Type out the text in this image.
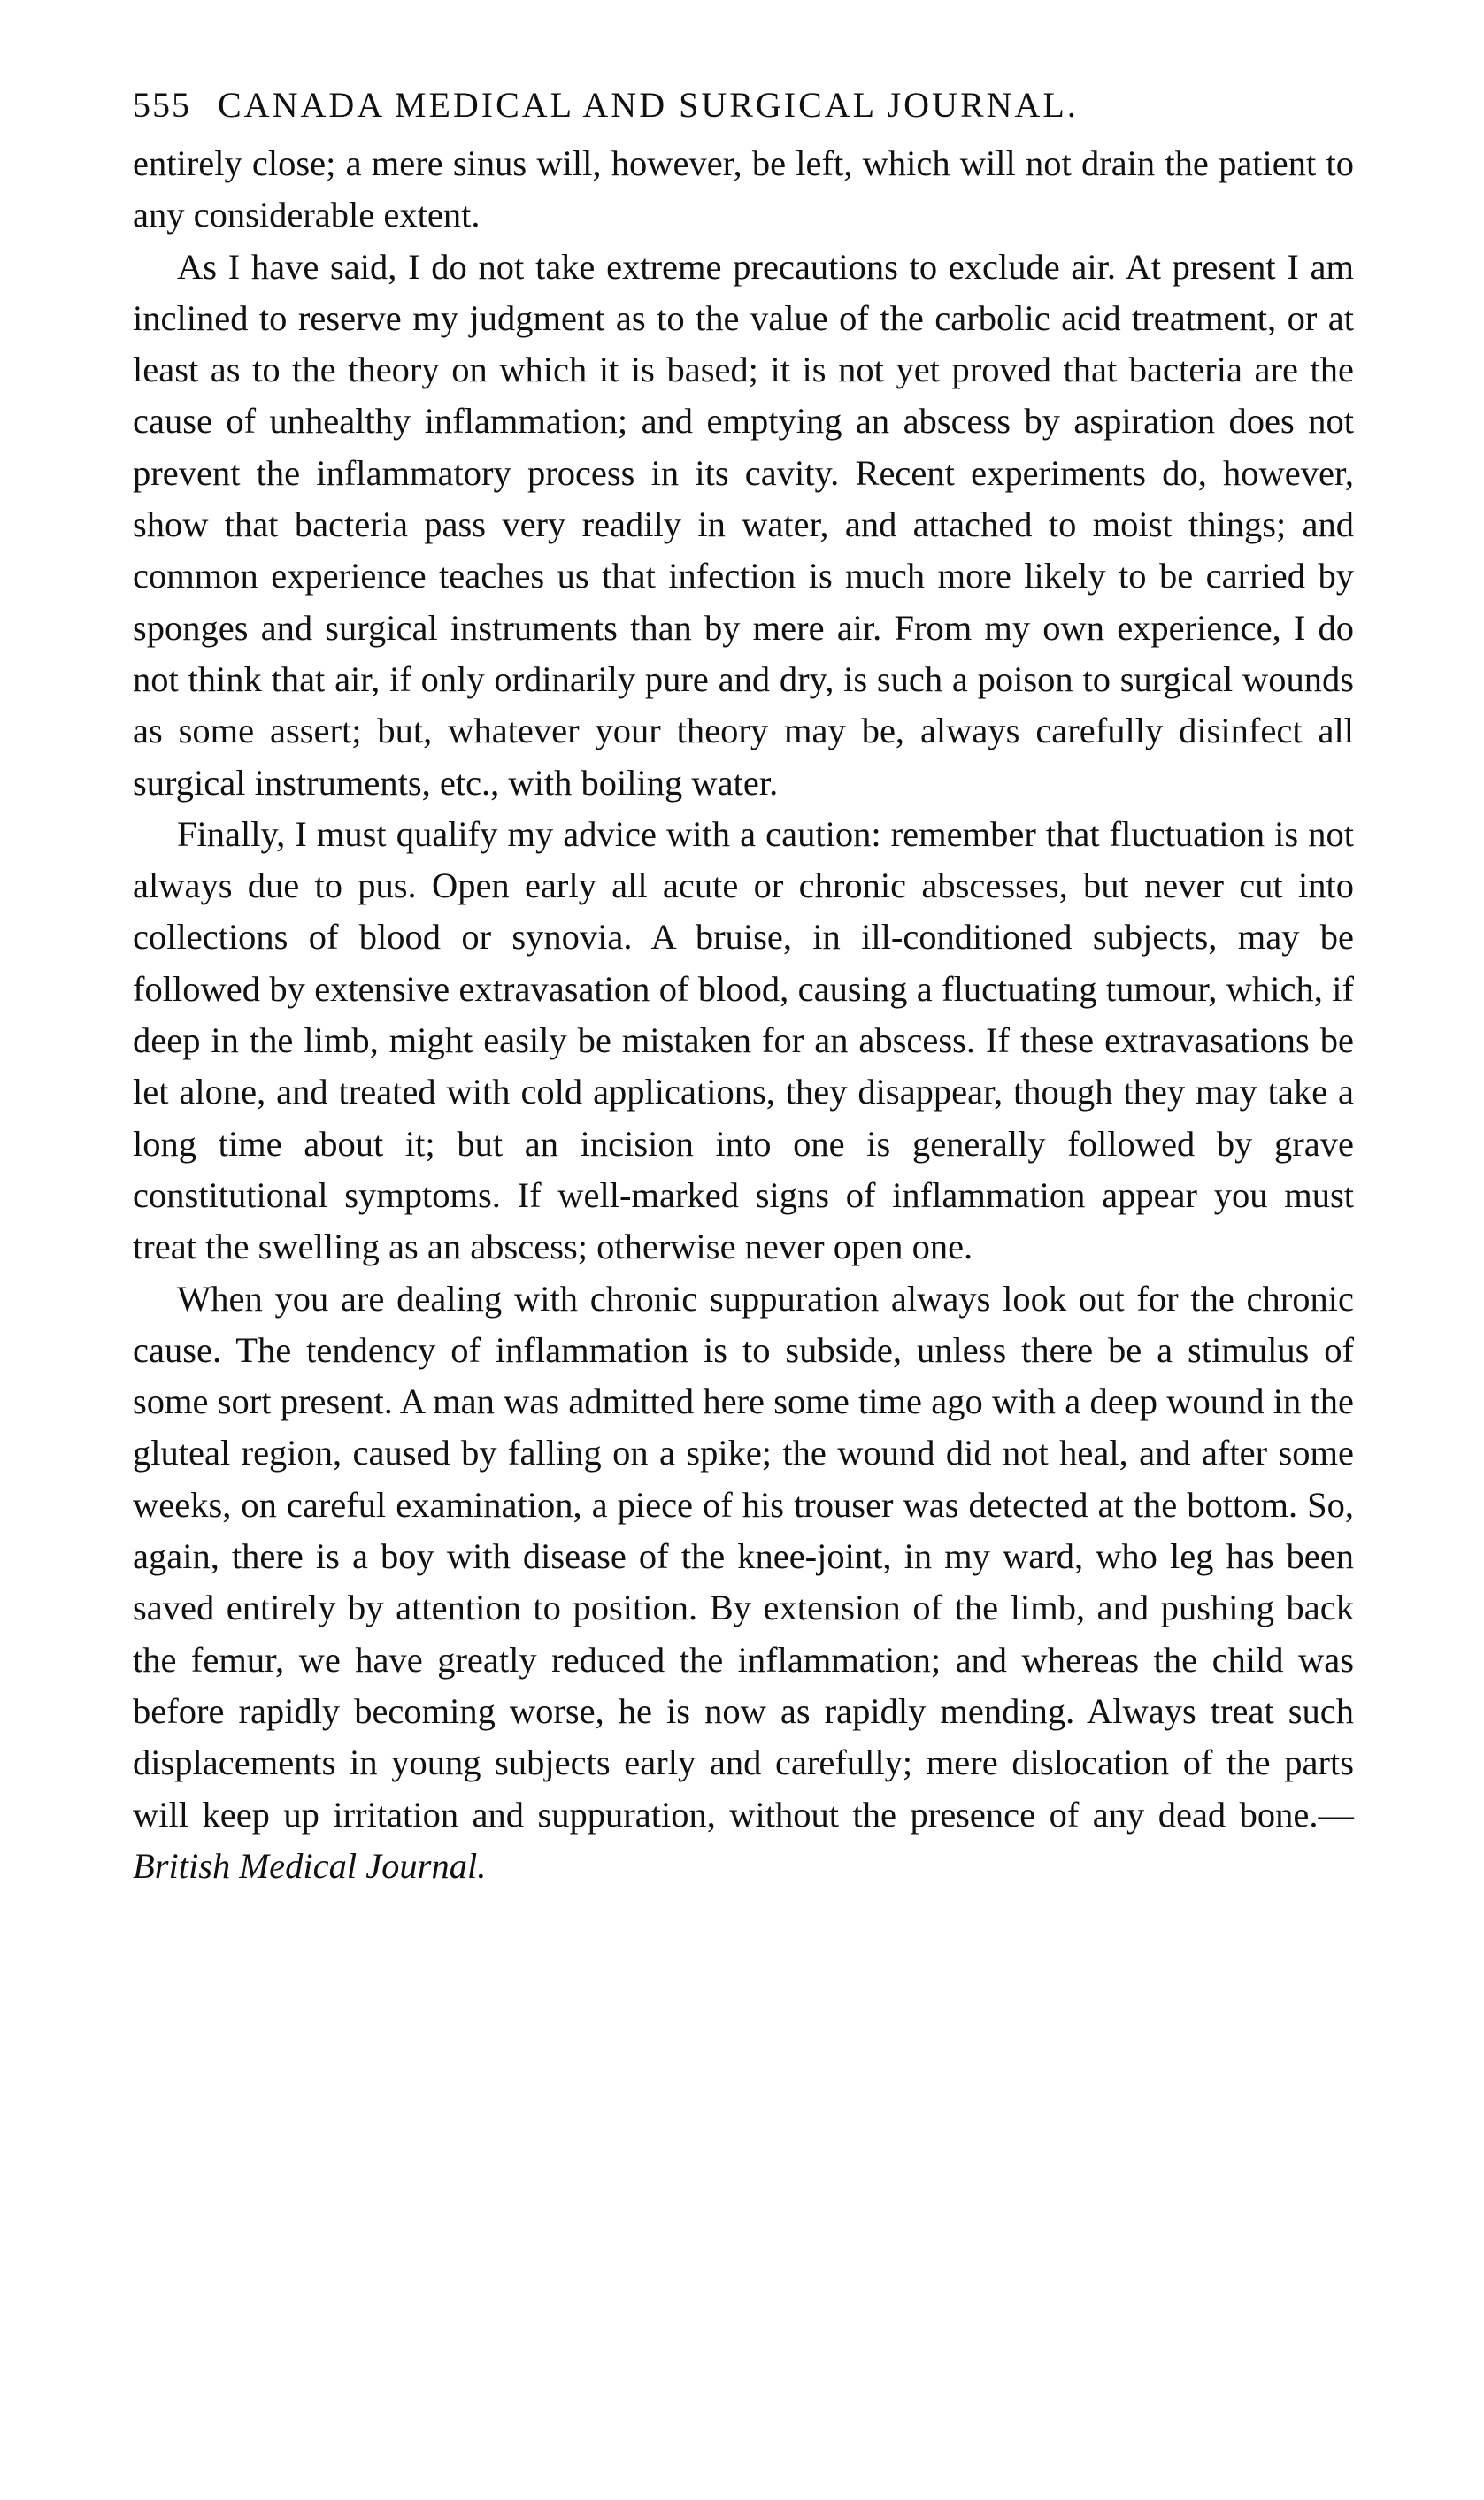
555 CANADA MEDICAL AND SURGICAL JOURNAL.

entirely close; a mere sinus will, however, be left, which will not drain the patient to any considerable extent.

As I have said, I do not take extreme precautions to exclude air. At present I am inclined to reserve my judgment as to the value of the carbolic acid treatment, or at least as to the theory on which it is based; it is not yet proved that bacteria are the cause of unhealthy inflammation; and emptying an abscess by aspiration does not prevent the inflammatory process in its cavity. Recent experiments do, however, show that bacteria pass very readily in water, and attached to moist things; and common experience teaches us that infection is much more likely to be carried by sponges and surgical instruments than by mere air. From my own experience, I do not think that air, if only ordinarily pure and dry, is such a poison to surgical wounds as some assert; but, whatever your theory may be, always carefully disinfect all surgical instruments, etc., with boiling water.

Finally, I must qualify my advice with a caution: remember that fluctuation is not always due to pus. Open early all acute or chronic abscesses, but never cut into collections of blood or synovia. A bruise, in ill-conditioned subjects, may be followed by extensive extravasation of blood, causing a fluctuating tumour, which, if deep in the limb, might easily be mistaken for an abscess. If these extravasations be let alone, and treated with cold applications, they disappear, though they may take a long time about it; but an incision into one is generally followed by grave constitutional symptoms. If well-marked signs of inflammation appear you must treat the swelling as an abscess; otherwise never open one.

When you are dealing with chronic suppuration always look out for the chronic cause. The tendency of inflammation is to subside, unless there be a stimulus of some sort present. A man was admitted here some time ago with a deep wound in the gluteal region, caused by falling on a spike; the wound did not heal, and after some weeks, on careful examination, a piece of his trouser was detected at the bottom. So, again, there is a boy with disease of the knee-joint, in my ward, who leg has been saved entirely by attention to position. By extension of the limb, and pushing back the femur, we have greatly reduced the inflammation; and whereas the child was before rapidly becoming worse, he is now as rapidly mending. Always treat such displacements in young subjects early and carefully; mere dislocation of the parts will keep up irritation and suppuration, without the presence of any dead bone.—British Medical Journal.
